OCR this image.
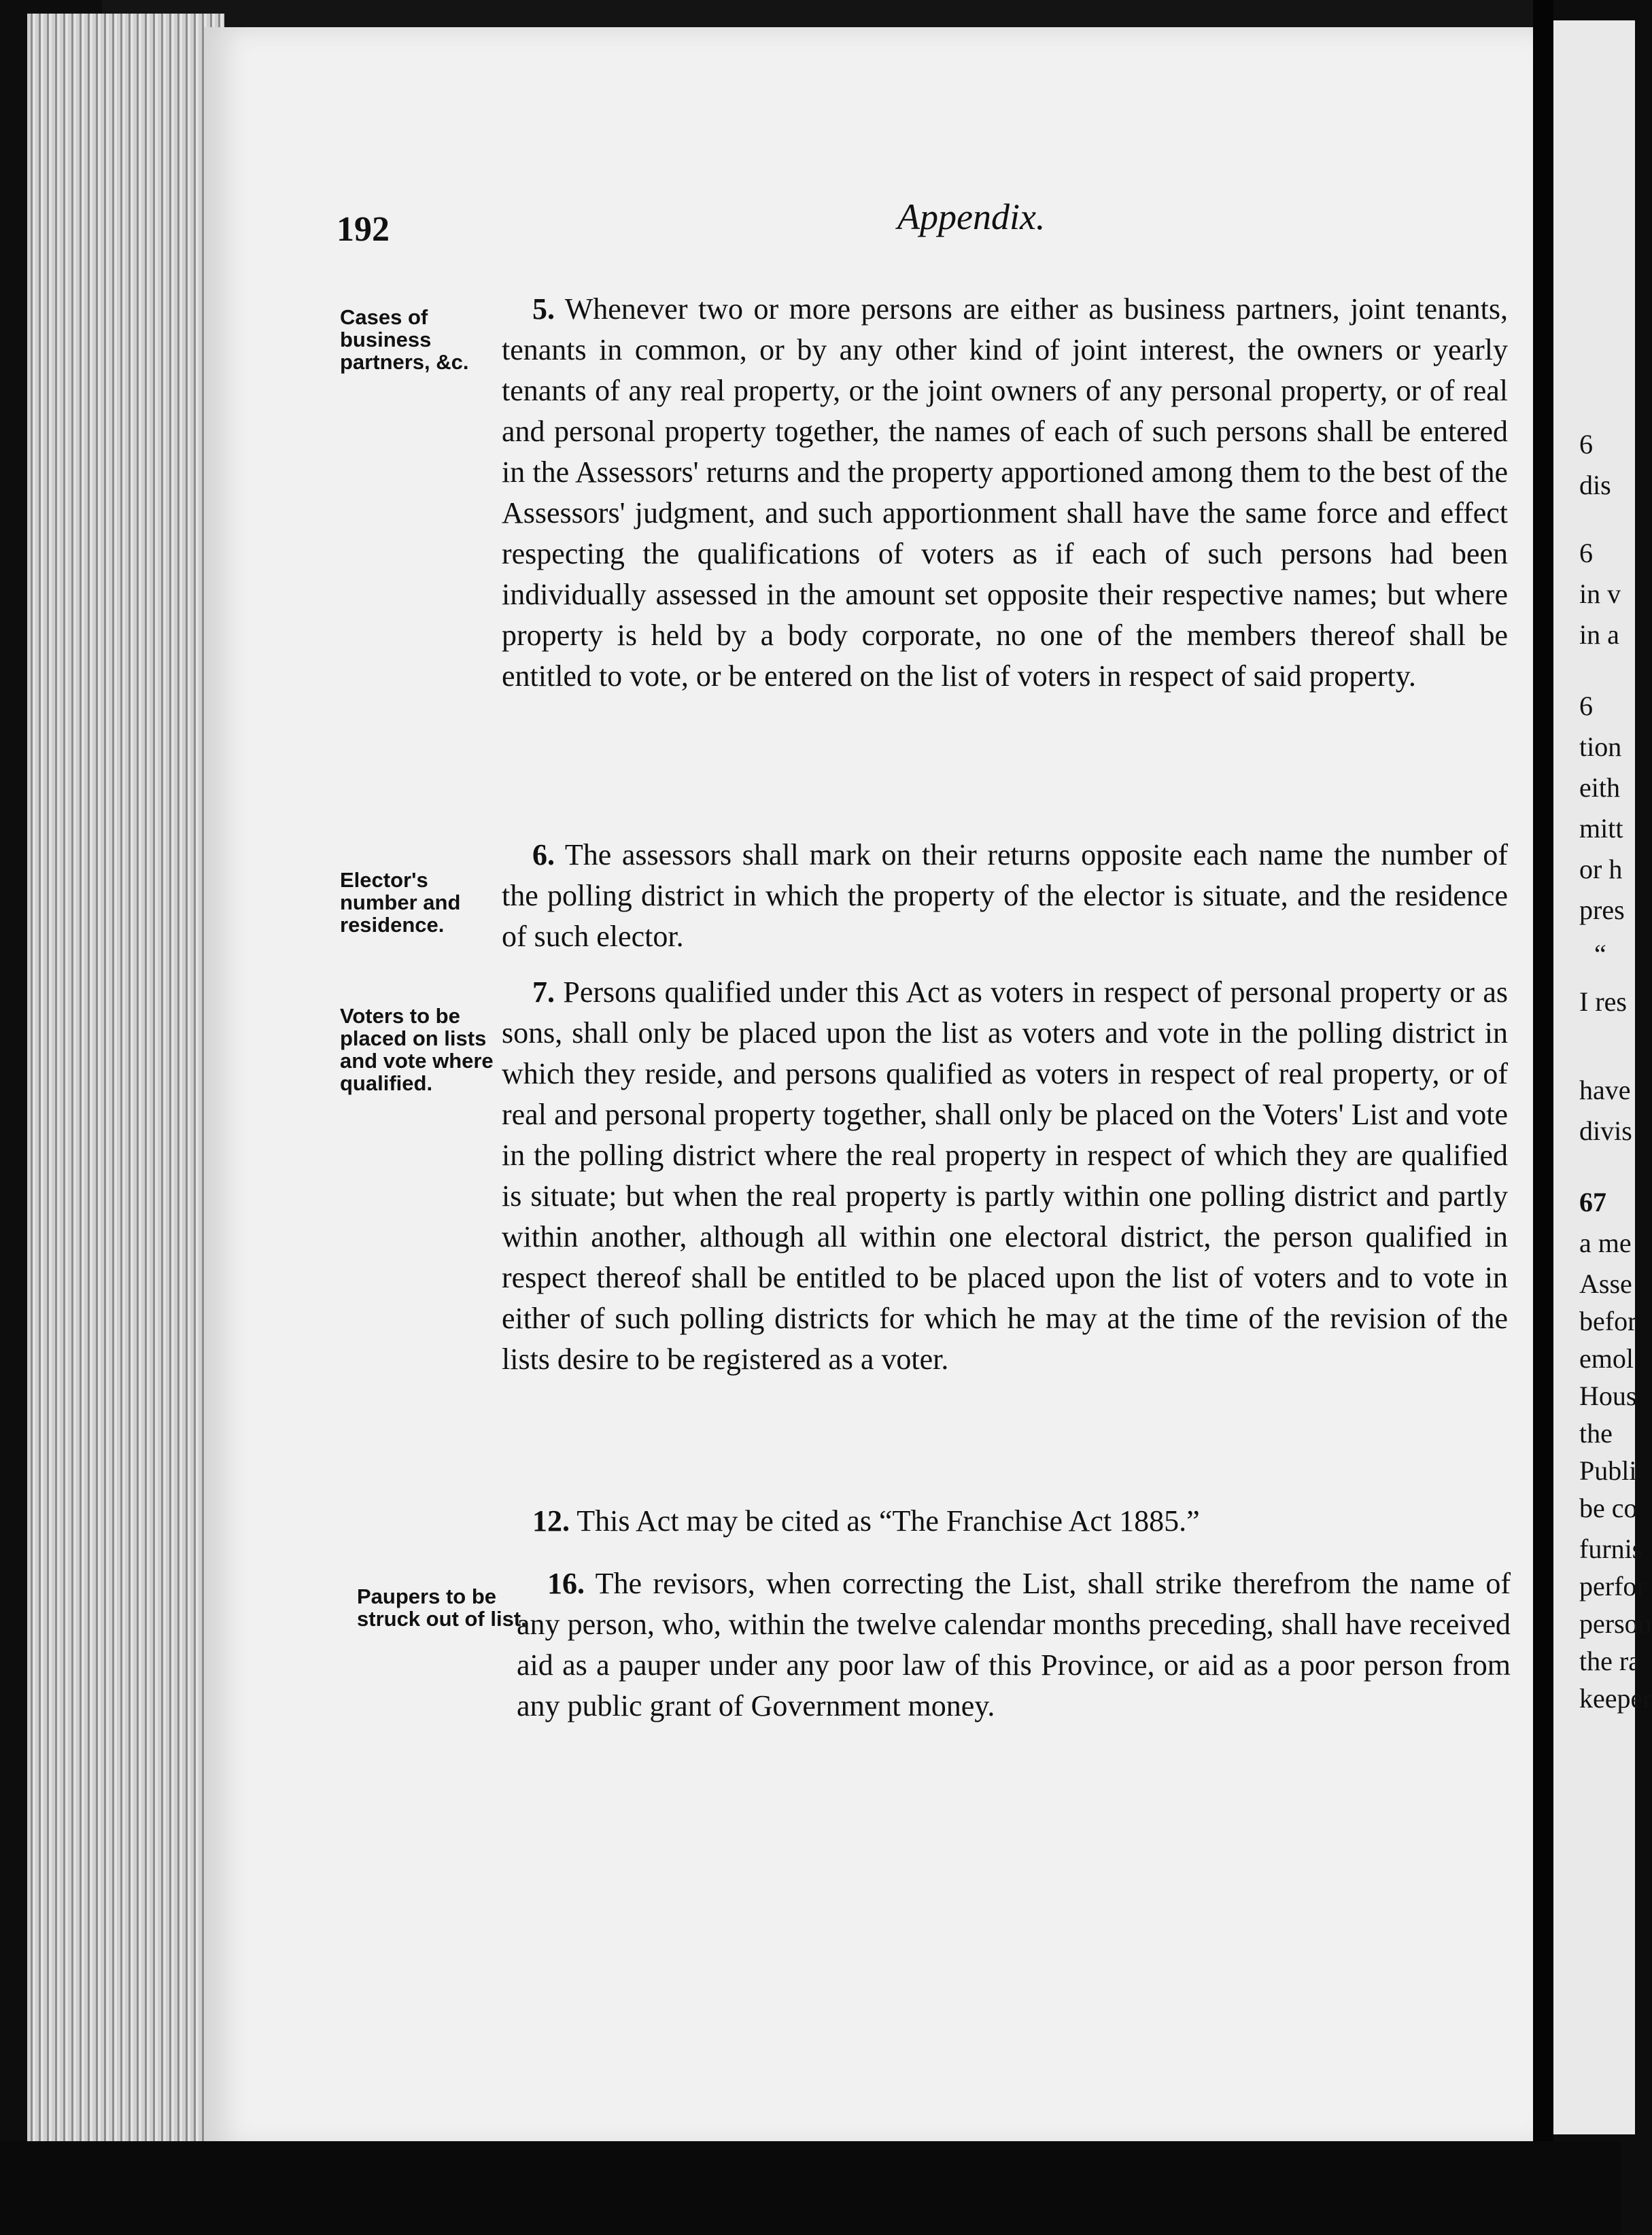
192	Appendix.
Cases of business partners, &c.
Elector's number and residence.
Voters to be placed on lists and vote where qualified.
Paupers to be struck out of list.
5. Whenever two or more persons are either as business partners, joint tenants, tenants in common, or by any other kind of joint interest, the owners or yearly tenants of any real property, or the joint owners of any personal property, or of real and personal property together, the names of each of such persons shall be entered in the Assessors' returns and the property apportioned among them to the best of the Assessors' judgment, and such apportionment shall have the same force and effect respecting the qualifications of voters as if each of such persons had been individually assessed in the amount set opposite their respective names; but where property is held by a body corporate, no one of the members thereof shall be entitled to vote, or be entered on the list of voters in respect of said property.
6. The assessors shall mark on their returns opposite each name the number of the polling district in which the property of the elector is situate, and the residence of such elector.
7. Persons qualified under this Act as voters in respect of personal property or as sons, shall only be placed upon the list as voters and vote in the polling district in which they reside, and persons qualified as voters in respect of real property, or of real and personal property together, shall only be placed on the Voters' List and vote in the polling district where the real property in respect of which they are qualified is situate; but when the real property is partly within one polling district and partly within another, although all within one electoral district, the person qualified in respect thereof shall be entitled to be placed upon the list of voters and to vote in either of such polling districts for which he may at the time of the revision of the lists desire to be registered as a voter.
12. This Act may be cited as “The Franchise Act 1885.”
16. The revisors, when correcting the List, shall strike therefrom the name of any person, who, within the twelve calendar months preceding, shall have received aid as a pauper under any poor law of this Province, or aid as a poor person from any public grant of Government money.
6
dis
6
in v
in a
6
tion
eith
mitt
or h
pres
“
I res
have
divis
67
a me
Asse
befor
emol
Hous
the
Publi
be co
furnis
perfor
person
the ra
keeper
